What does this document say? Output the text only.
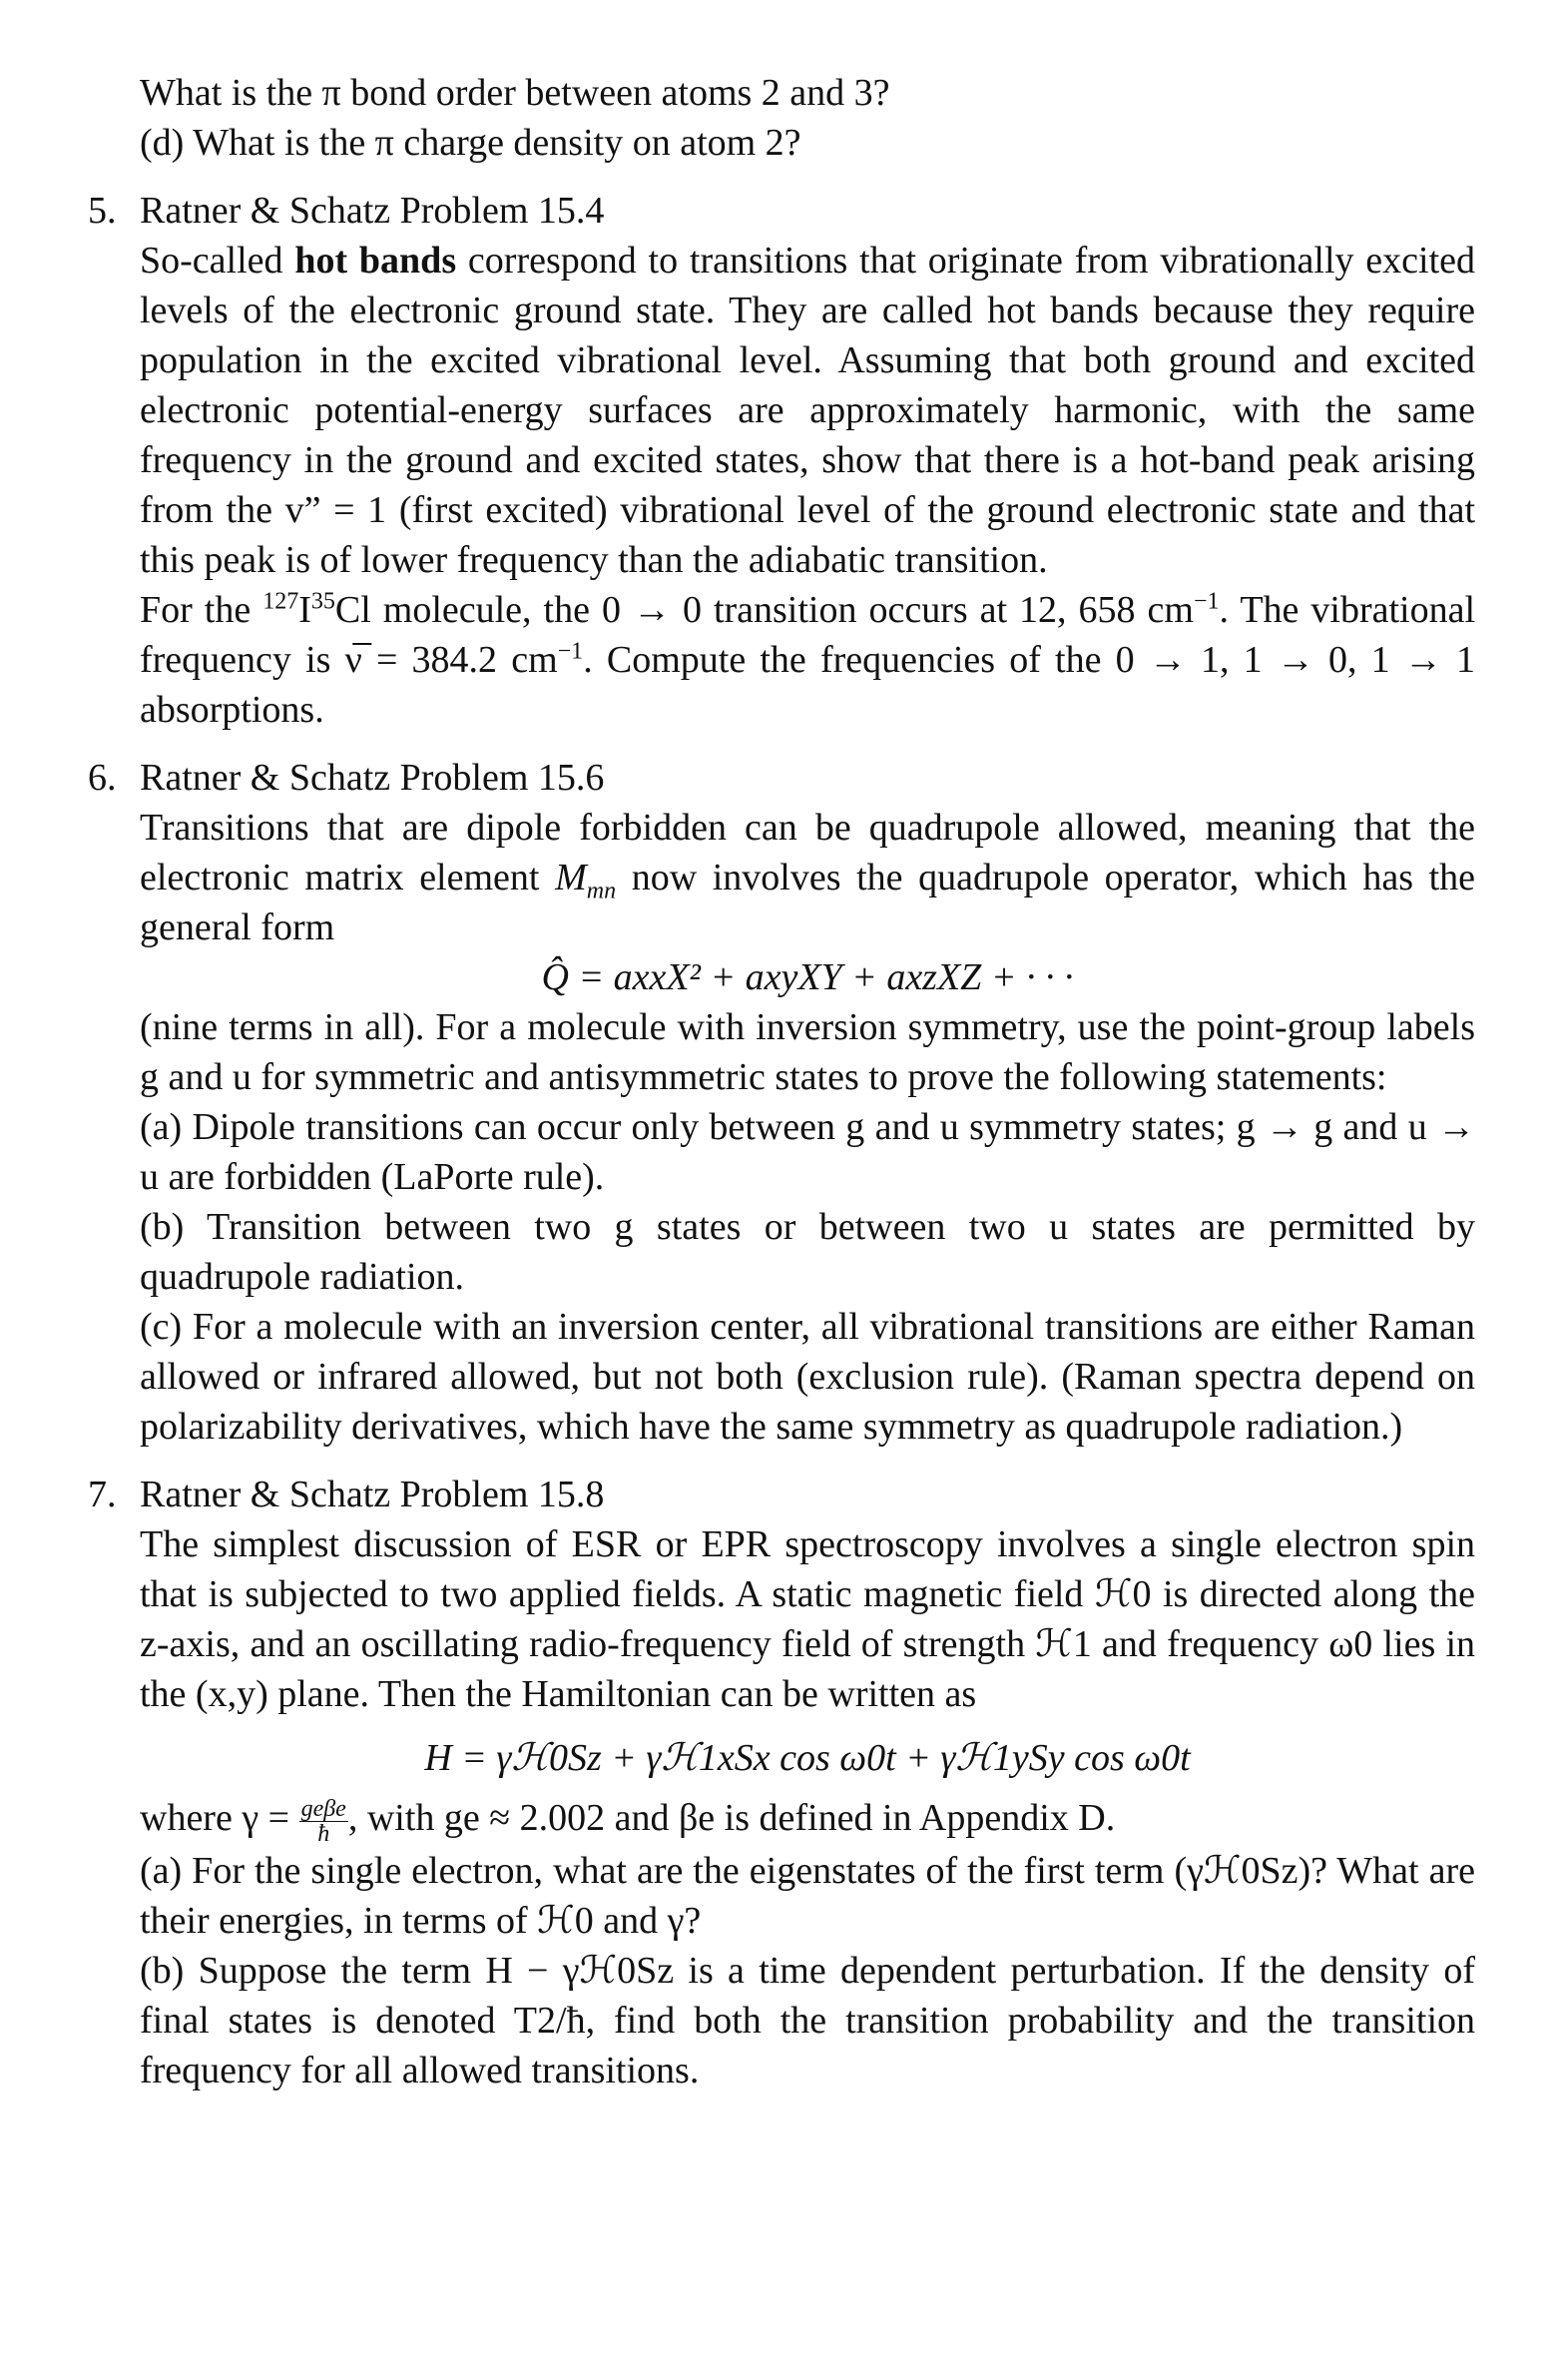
What is the π bond order between atoms 2 and 3?
(d) What is the π charge density on atom 2?
5. Ratner & Schatz Problem 15.4
So-called hot bands correspond to transitions that originate from vibrationally excited levels of the electronic ground state. They are called hot bands because they require population in the excited vibrational level. Assuming that both ground and excited electronic potential-energy surfaces are approximately harmonic, with the same frequency in the ground and excited states, show that there is a hot-band peak arising from the v” = 1 (first excited) vibrational level of the ground electronic state and that this peak is of lower frequency than the adiabatic transition.
For the $^{127}I^{35}Cl$ molecule, the 0 → 0 transition occurs at 12, 658 $cm^{-1}$. The vibrational frequency is ν̅ = 384.2 $cm^{-1}$. Compute the frequencies of the 0 → 1, 1 → 0, 1 → 1 absorptions.
6. Ratner & Schatz Problem 15.6
Transitions that are dipole forbidden can be quadrupole allowed, meaning that the electronic matrix element $M_{mn}$ now involves the quadrupole operator, which has the general form
Q̂ = axxX² + axyXY + axzXZ + · · ·
(nine terms in all). For a molecule with inversion symmetry, use the point-group labels g and u for symmetric and antisymmetric states to prove the following statements:
(a) Dipole transitions can occur only between g and u symmetry states; g → g and u → u are forbidden (LaPorte rule).
(b) Transition between two g states or between two u states are permitted by quadrupole radiation.
(c) For a molecule with an inversion center, all vibrational transitions are either Raman allowed or infrared allowed, but not both (exclusion rule). (Raman spectra depend on polarizability derivatives, which have the same symmetry as quadrupole radiation.)
7. Ratner & Schatz Problem 15.8
The simplest discussion of ESR or EPR spectroscopy involves a single electron spin that is subjected to two applied fields. A static magnetic field ℋ0 is directed along the z-axis, and an oscillating radio-frequency field of strength ℋ1 and frequency ω0 lies in the (x,y) plane. Then the Hamiltonian can be written as
H = γℋ0Sz + γℋ1xSx cos ω0t + γℋ1ySy cos ω0t
where $\gamma = \frac{\text{geβe}}{ħ}$ , with ge ≈ 2.002 and βe is defined in Appendix D.
(a) For the single electron, what are the eigenstates of the first term (γℋ0Sz)? What are their energies, in terms of ℋ0 and γ?
(b) Suppose the term H − γℋ0Sz is a time dependent perturbation. If the density of final states is denoted T2/ħ, find both the transition probability and the transition frequency for all allowed transitions.
